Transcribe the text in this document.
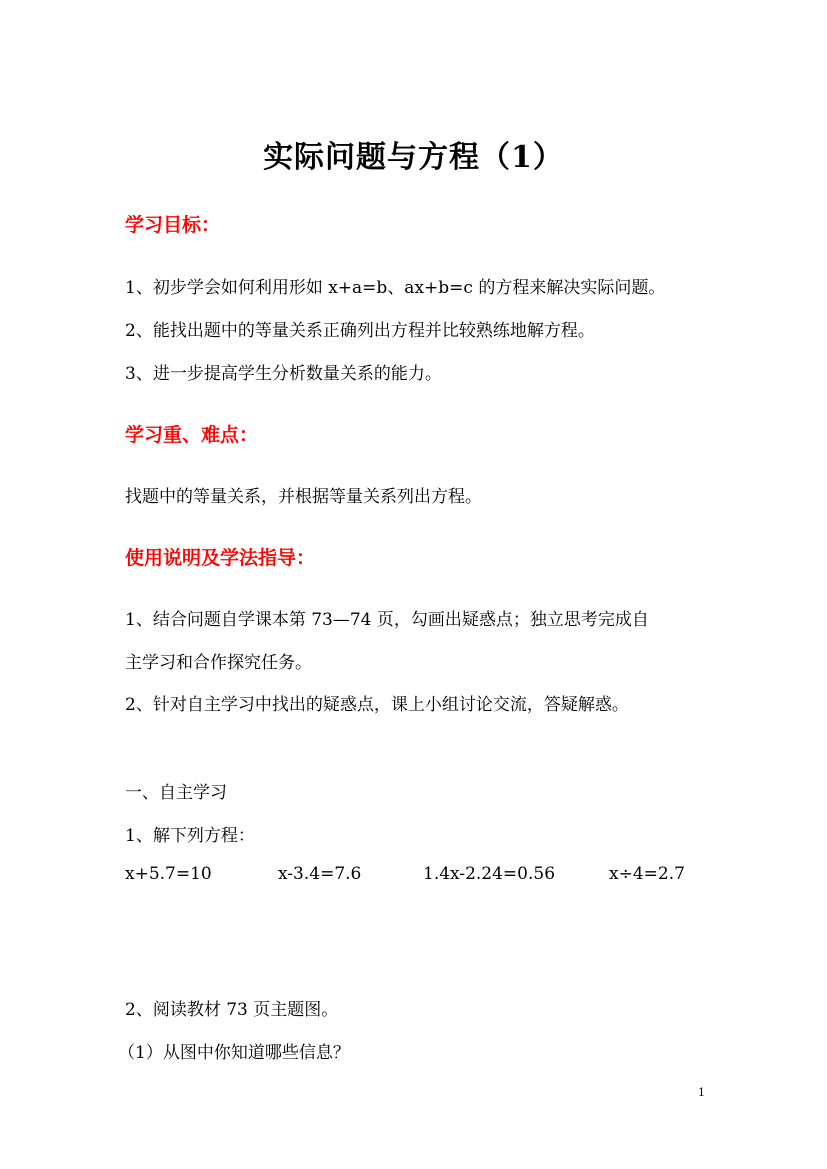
实际问题与方程（1）
学习目标：
1、初步学会如何利用形如 x+a=b、ax+b=c 的方程来解决实际问题。
2、能找出题中的等量关系正确列出方程并比较熟练地解方程。
3、进一步提高学生分析数量关系的能力。
学习重、难点：
找题中的等量关系，并根据等量关系列出方程。
使用说明及学法指导：
1、结合问题自学课本第 73—74 页，勾画出疑惑点；独立思考完成自
主学习和合作探究任务。
2、针对自主学习中找出的疑惑点，课上小组讨论交流，答疑解惑。
一、自主学习
1、解下列方程：
x+5.7=10	x-3.4=7.6	1.4x-2.24=0.56	x÷4=2.7
2、阅读教材 73 页主题图。
（1）从图中你知道哪些信息？
1
